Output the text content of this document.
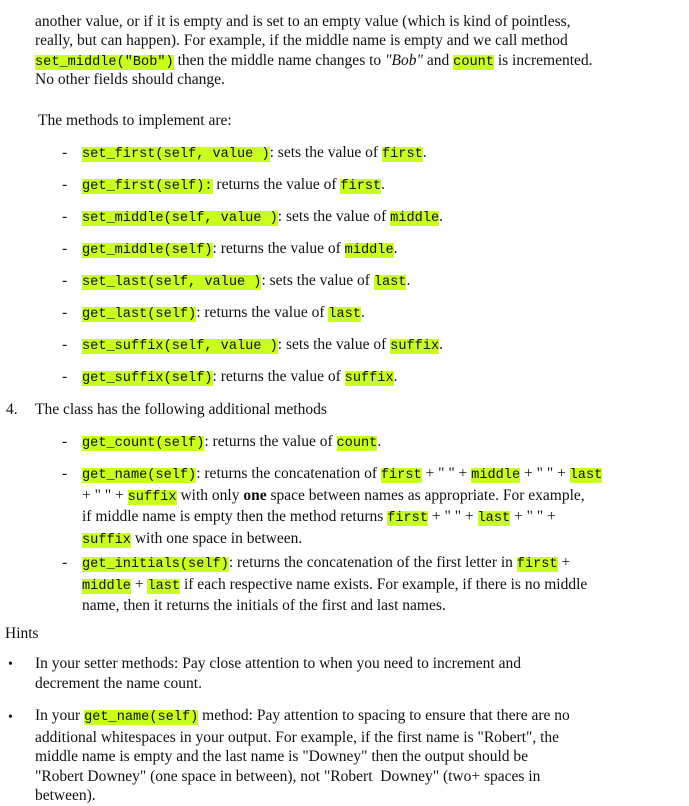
another value, or if it is empty and is set to an empty value (which is kind of pointless,
really, but can happen). For example, if the middle name is empty and we call method
set_middle("Bob") then the middle name changes to "Bob" and count is incremented.
No other fields should change.
The methods to implement are:
- set_first(self, value ): sets the value of first.
- get_first(self): returns the value of first.
- set_middle(self, value ): sets the value of middle.
- get_middle(self): returns the value of middle.
- set_last(self, value ): sets the value of last.
- get_last(self): returns the value of last.
- set_suffix(self, value ): sets the value of suffix.
- get_suffix(self): returns the value of suffix.
4. The class has the following additional methods
- get_count(self): returns the value of count.
- get_name(self): returns the concatenation of first + " " + middle + " " + last
+ " " + suffix with only one space between names as appropriate. For example,
if middle name is empty then the method returns first + " " + last + " " +
suffix with one space in between.
- get_initials(self): returns the concatenation of the first letter in first +
middle + last if each respective name exists. For example, if there is no middle
name, then it returns the initials of the first and last names.
Hints
• In your setter methods: Pay close attention to when you need to increment and
decrement the name count.
• In your get_name(self) method: Pay attention to spacing to ensure that there are no
additional whitespaces in your output. For example, if the first name is "Robert", the
middle name is empty and the last name is "Downey" then the output should be
"Robert Downey" (one space in between), not "Robert  Downey" (two+ spaces in
between).
